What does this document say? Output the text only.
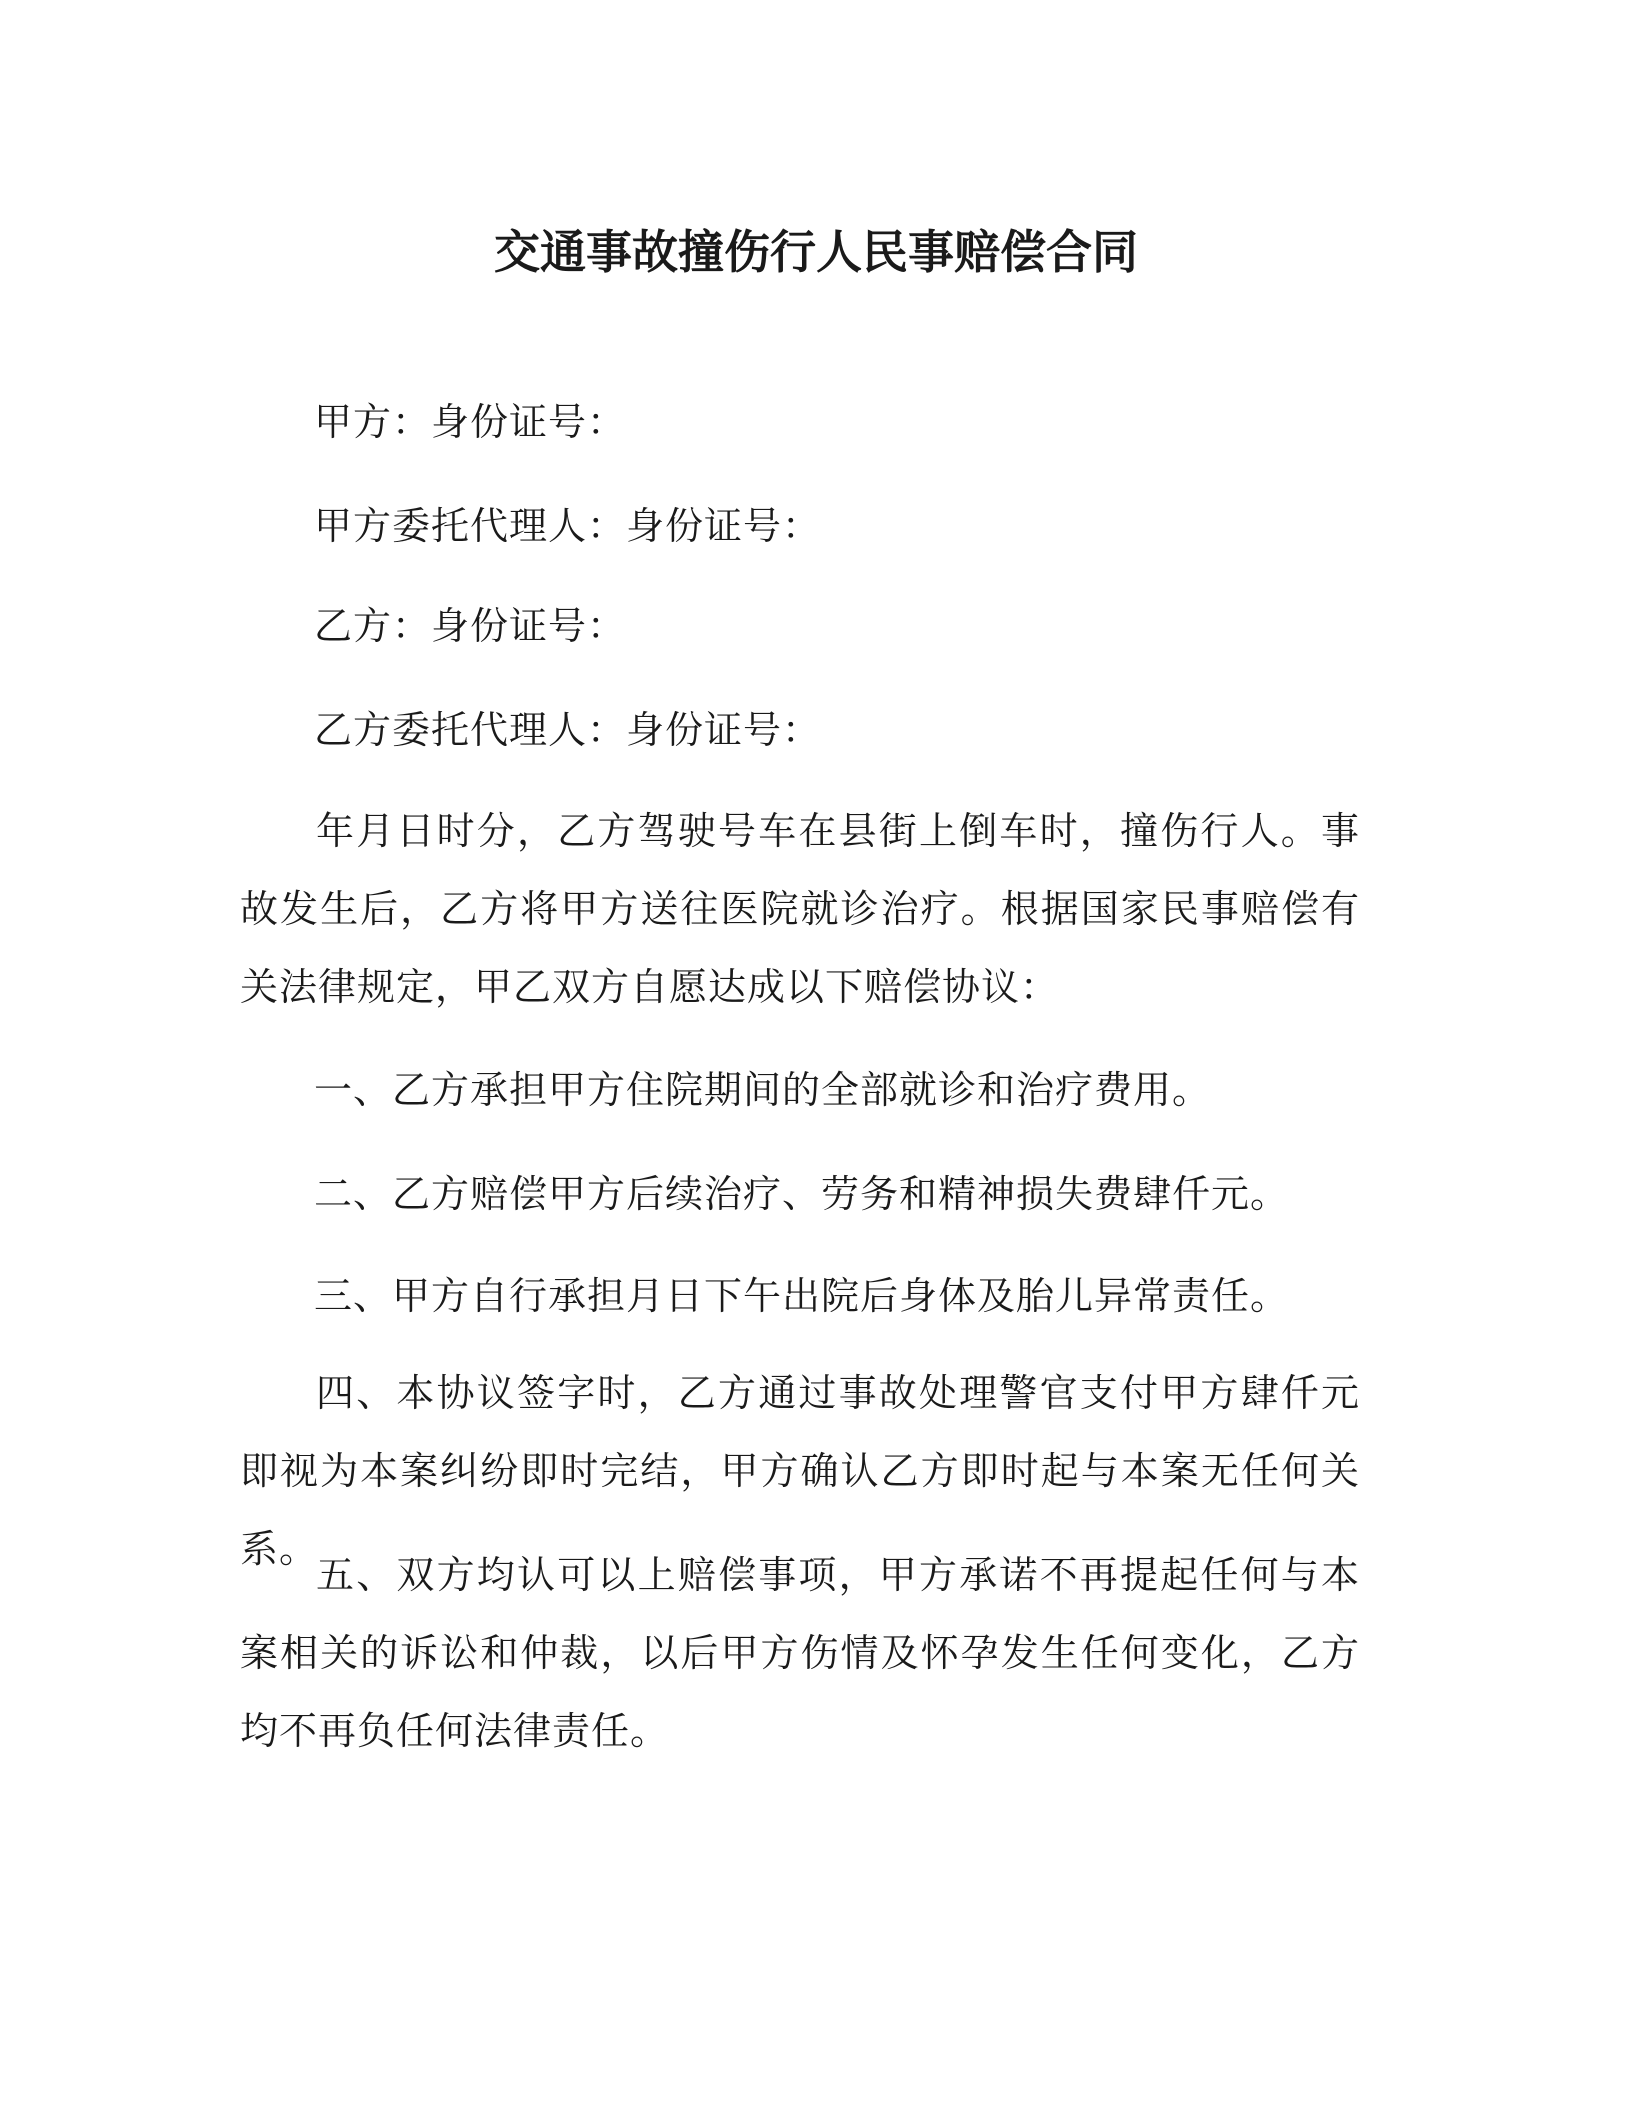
交通事故撞伤行人民事赔偿合同
甲方：身份证号：
甲方委托代理人：身份证号：
乙方：身份证号：
乙方委托代理人：身份证号：
年月日时分，乙方驾驶号车在县街上倒车时，撞伤行人。事故发生后，乙方将甲方送往医院就诊治疗。根据国家民事赔偿有关法律规定，甲乙双方自愿达成以下赔偿协议：
一、乙方承担甲方住院期间的全部就诊和治疗费用。
二、乙方赔偿甲方后续治疗、劳务和精神损失费肆仟元。
三、甲方自行承担月日下午出院后身体及胎儿异常责任。
四、本协议签字时，乙方通过事故处理警官支付甲方肆仟元即视为本案纠纷即时完结，甲方确认乙方即时起与本案无任何关系。
五、双方均认可以上赔偿事项，甲方承诺不再提起任何与本案相关的诉讼和仲裁，以后甲方伤情及怀孕发生任何变化，乙方均不再负任何法律责任。
